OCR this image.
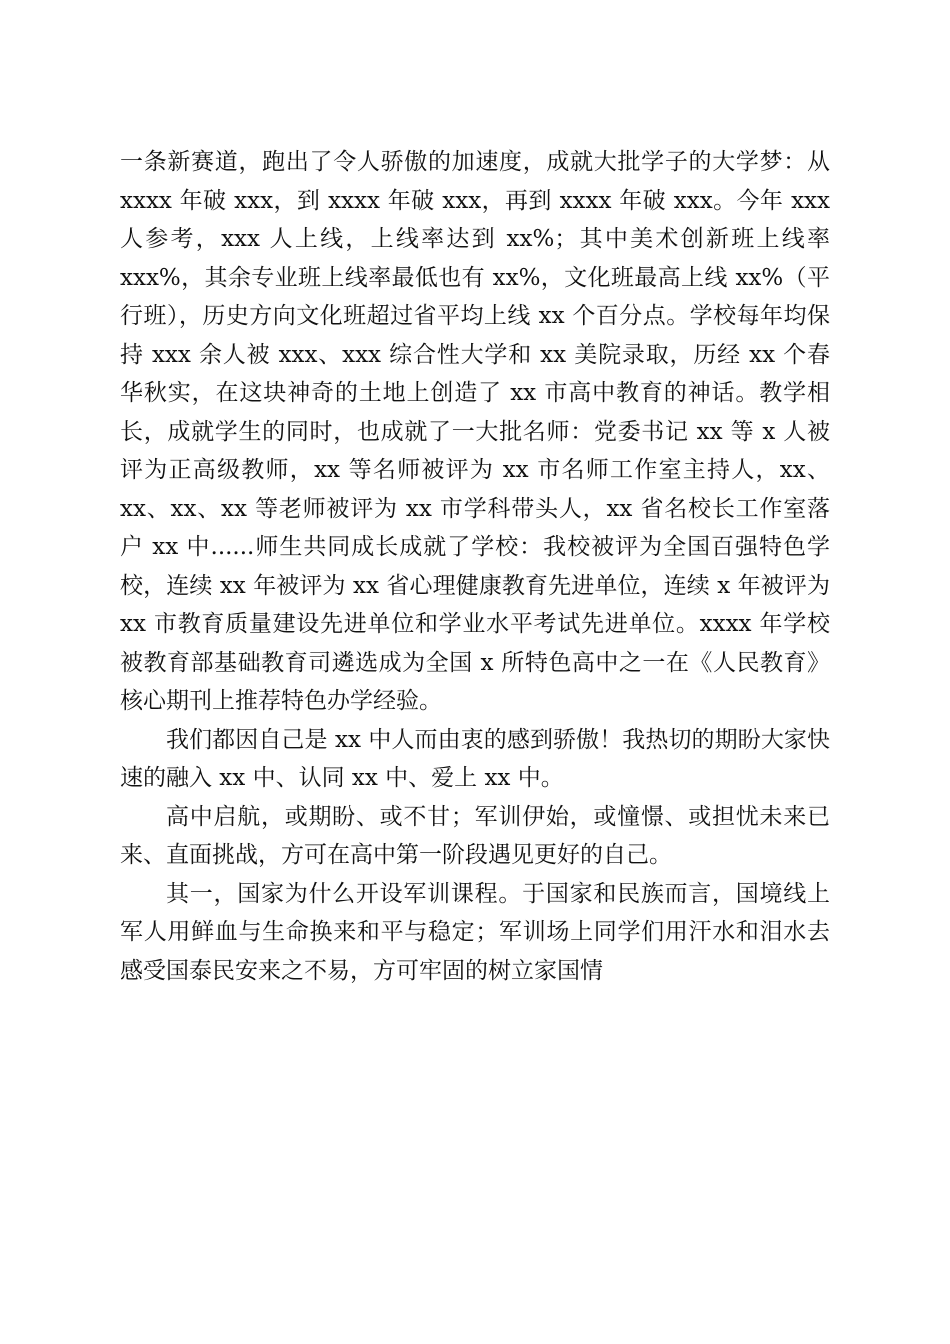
一条新赛道，跑出了令人骄傲的加速度，成就大批学子的大学梦：从 xxxx 年破 xxx，到 xxxx 年破 xxx，再到 xxxx 年破 xxx。今年 xxx 人参考，xxx 人上线，上线率达到 xx%；其中美术创新班上线率 xxx%，其余专业班上线率最低也有 xx%，文化班最高上线 xx%（平行班），历史方向文化班超过省平均上线 xx 个百分点。学校每年均保持 xxx 余人被 xxx、xxx 综合性大学和 xx 美院录取，历经 xx 个春华秋实，在这块神奇的土地上创造了 xx 市高中教育的神话。教学相长，成就学生的同时，也成就了一大批名师：党委书记 xx 等 x 人被评为正高级教师，xx 等名师被评为 xx 市名师工作室主持人，xx、xx、xx、xx 等老师被评为 xx 市学科带头人，xx 省名校长工作室落户 xx 中......师生共同成长成就了学校：我校被评为全国百强特色学校，连续 xx 年被评为 xx 省心理健康教育先进单位，连续 x 年被评为 xx 市教育质量建设先进单位和学业水平考试先进单位。xxxx 年学校被教育部基础教育司遴选成为全国 x 所特色高中之一在《人民教育》核心期刊上推荐特色办学经验。

我们都因自己是 xx 中人而由衷的感到骄傲！我热切的期盼大家快速的融入 xx 中、认同 xx 中、爱上 xx 中。

高中启航，或期盼、或不甘；军训伊始，或憧憬、或担忧未来已来、直面挑战，方可在高中第一阶段遇见更好的自己。

其一，国家为什么开设军训课程。于国家和民族而言，国境线上军人用鲜血与生命换来和平与稳定；军训场上同学们用汗水和泪水去感受国泰民安来之不易，方可牢固的树立家国情
